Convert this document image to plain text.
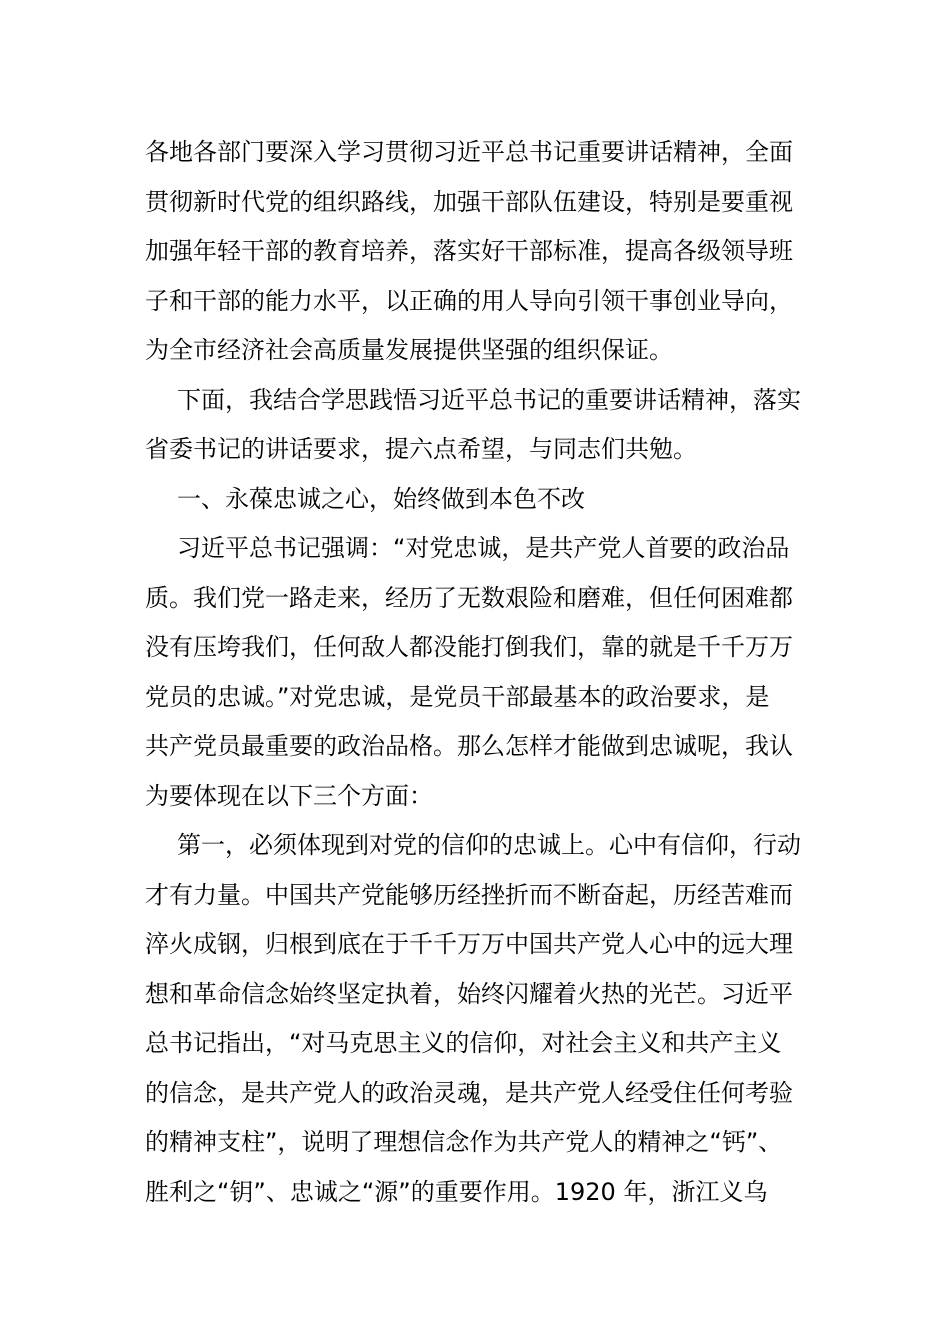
各地各部门要深入学习贯彻习近平总书记重要讲话精神，全面
贯彻新时代党的组织路线，加强干部队伍建设，特别是要重视
加强年轻干部的教育培养，落实好干部标准，提高各级领导班
子和干部的能力水平，以正确的用人导向引领干事创业导向，
为全市经济社会高质量发展提供坚强的组织保证。
下面，我结合学思践悟习近平总书记的重要讲话精神，落实
省委书记的讲话要求，提六点希望，与同志们共勉。
一、永葆忠诚之心，始终做到本色不改
习近平总书记强调：“对党忠诚，是共产党人首要的政治品
质。我们党一路走来，经历了无数艰险和磨难，但任何困难都
没有压垮我们，任何敌人都没能打倒我们，靠的就是千千万万
党员的忠诚。”对党忠诚，是党员干部最基本的政治要求，是
共产党员最重要的政治品格。那么怎样才能做到忠诚呢，我认
为要体现在以下三个方面：
第一，必须体现到对党的信仰的忠诚上。心中有信仰，行动
才有力量。中国共产党能够历经挫折而不断奋起，历经苦难而
淬火成钢，归根到底在于千千万万中国共产党人心中的远大理
想和革命信念始终坚定执着，始终闪耀着火热的光芒。习近平
总书记指出，“对马克思主义的信仰，对社会主义和共产主义
的信念，是共产党人的政治灵魂，是共产党人经受住任何考验
的精神支柱”，说明了理想信念作为共产党人的精神之“钙”、
胜利之“钥”、忠诚之“源”的重要作用。1920 年，浙江义乌
